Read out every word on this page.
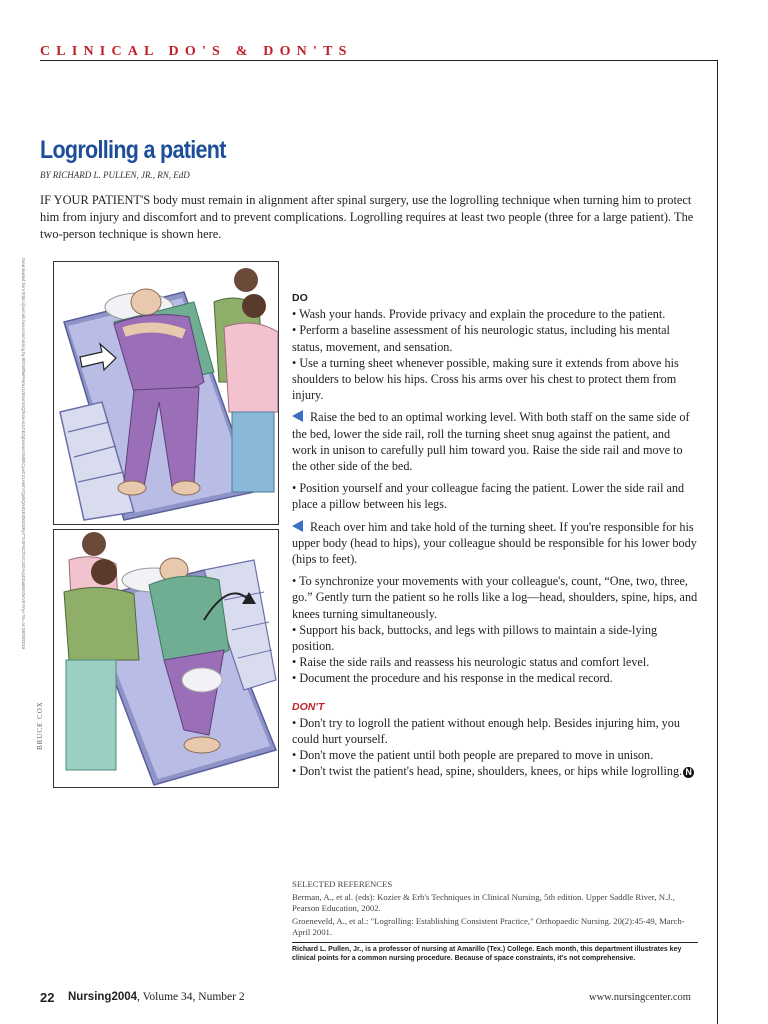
CLINICAL DO'S & DON'TS
Logrolling a patient
BY RICHARD L. PULLEN, JR., RN, EdD

IF YOUR PATIENT'S body must remain in alignment after spinal surgery, use the logrolling technique when turning him to protect him from injury and discomfort and to prevent complications. Logrolling requires at least two people (three for a large patient). The two-person technique is shown here.

Downloaded from https://journals.lww.com/nursing by BhDMf5ePHKav1zEoum1tQfN4a+kJLhEZgbsIHo4XMi0hCywCX1AWnYQp/IlQrHD3i3D0OdRyi7TvSFl4Cf3VC4/OAVpDDa8KKGKV0Ymy+78= on 08/28/2019
BRUCE COX

DO

• Wash your hands. Provide privacy and explain the procedure to the patient.

• Perform a baseline assessment of his neurologic status, including his mental status, movement, and sensation.

• Use a turning sheet whenever possible, making sure it extends from above his shoulders to below his hips. Cross his arms over his chest to protect them from injury.

Raise the bed to an optimal working level. With both staff on the same side of the bed, lower the side rail, roll the turning sheet snug against the patient, and work in unison to carefully pull him toward you. Raise the side rail and move to the other side of the bed.

• Position yourself and your colleague facing the patient. Lower the side rail and place a pillow between his legs.

Reach over him and take hold of the turning sheet. If you're responsible for his upper body (head to hips), your colleague should be responsible for his lower body (hips to feet).

• To synchronize your movements with your colleague's, count, “One, two, three, go.” Gently turn the patient so he rolls like a log—head, shoulders, spine, hips, and knees turning simultaneously.

• Support his back, buttocks, and legs with pillows to maintain a side-lying position.

• Raise the side rails and reassess his neurologic status and comfort level.

• Document the procedure and his response in the medical record.

DON'T

• Don't try to logroll the patient without enough help. Besides injuring him, you could hurt yourself.

• Don't move the patient until both people are prepared to move in unison.

• Don't twist the patient's head, spine, shoulders, knees, or hips while logrolling. N

SELECTED REFERENCES

Berman, A., et al. (eds): Kozier & Erb's Techniques in Clinical Nursing, 5th edition. Upper Saddle River, N.J., Pearson Education, 2002.

Groeneveld, A., et al.: "Logrolling: Establishing Consistent Practice," Orthopaedic Nursing. 20(2):45-49, March-April 2001.

Richard L. Pullen, Jr., is a professor of nursing at Amarillo (Tex.) College. Each month, this department illustrates key clinical points for a common nursing procedure. Because of space constraints, it's not comprehensive.
22 Nursing2004, Volume 34, Number 2	www.nursingcenter.com
